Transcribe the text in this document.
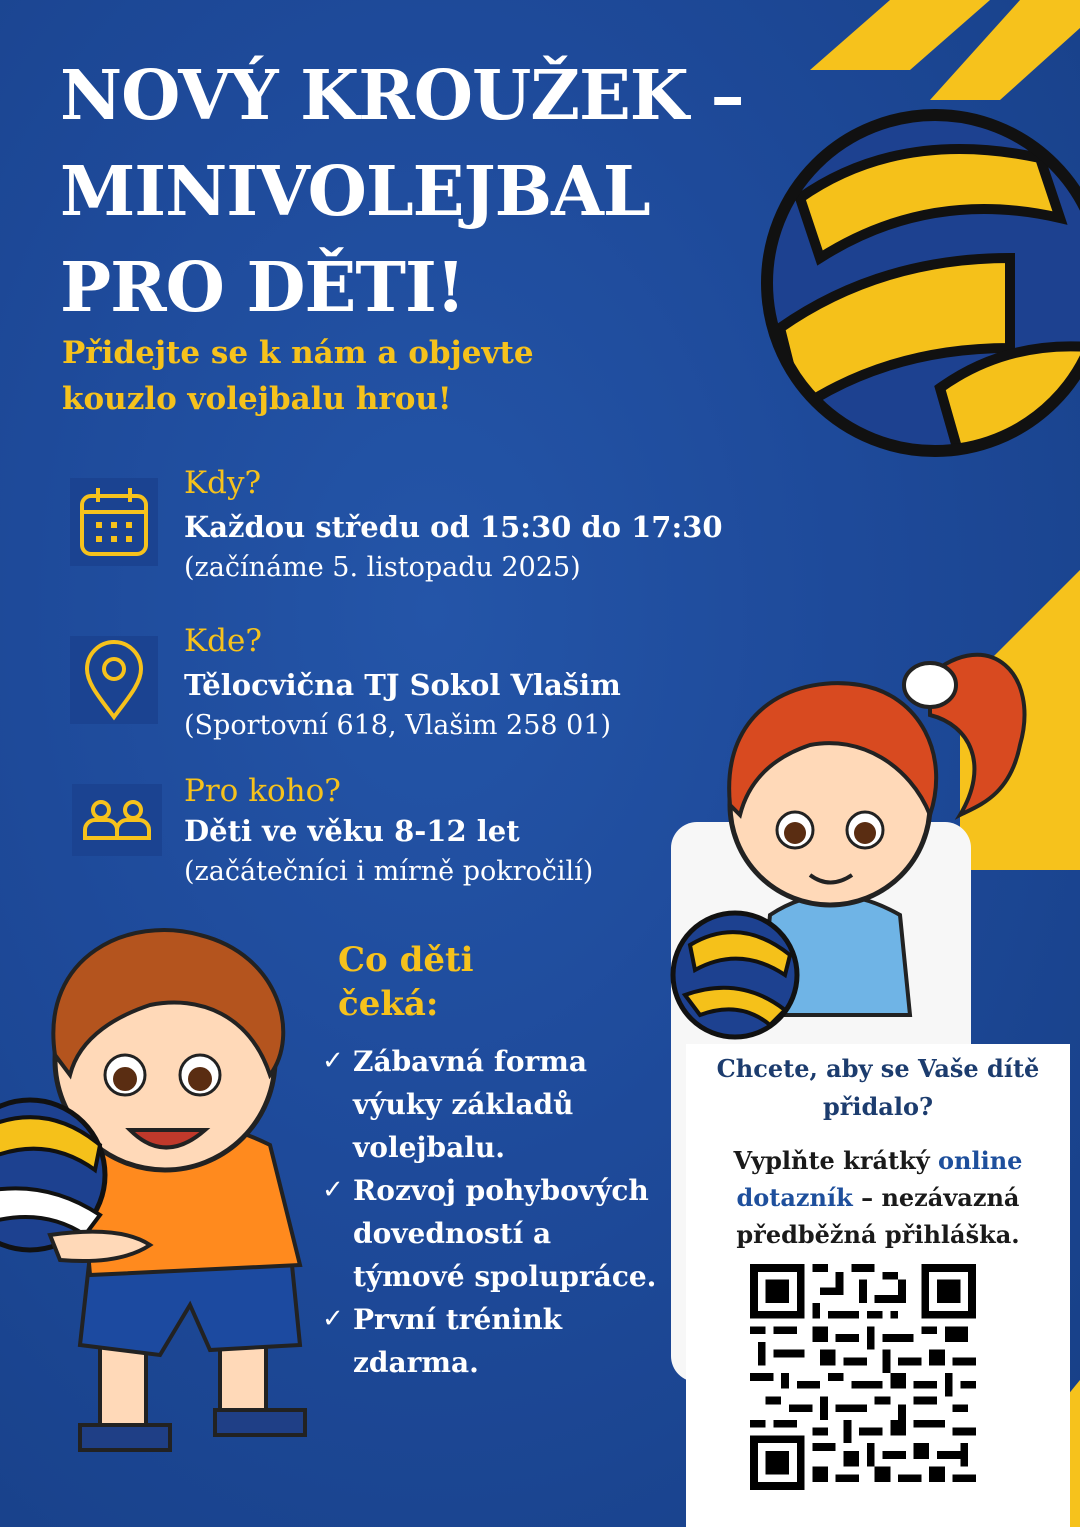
NOVÝ KROUŽEK –
MINIVOLEJBAL
PRO DĚTI!
Přidejte se k nám a objevte
kouzlo volejbalu hrou!
Kdy?
Každou středu od 15:30 do 17:30
(začínáme 5. listopadu 2025)
Kde?
Tělocvična TJ Sokol Vlašim
(Sportovní 618, Vlašim 258 01)
Pro koho?
Děti ve věku 8-12 let
(začátečníci i mírně pokročilí)
Co děti
čeká:
✓ Zábavná forma
výuky základů
volejbalu.
✓ Rozvoj pohybových
dovedností a
týmové spolupráce.
✓ První trénink
zdarma.
Chcete, aby se Vaše dítě
přidalo?
Vyplňte krátký online
dotazník – nezávazná
předběžná přihláška.
